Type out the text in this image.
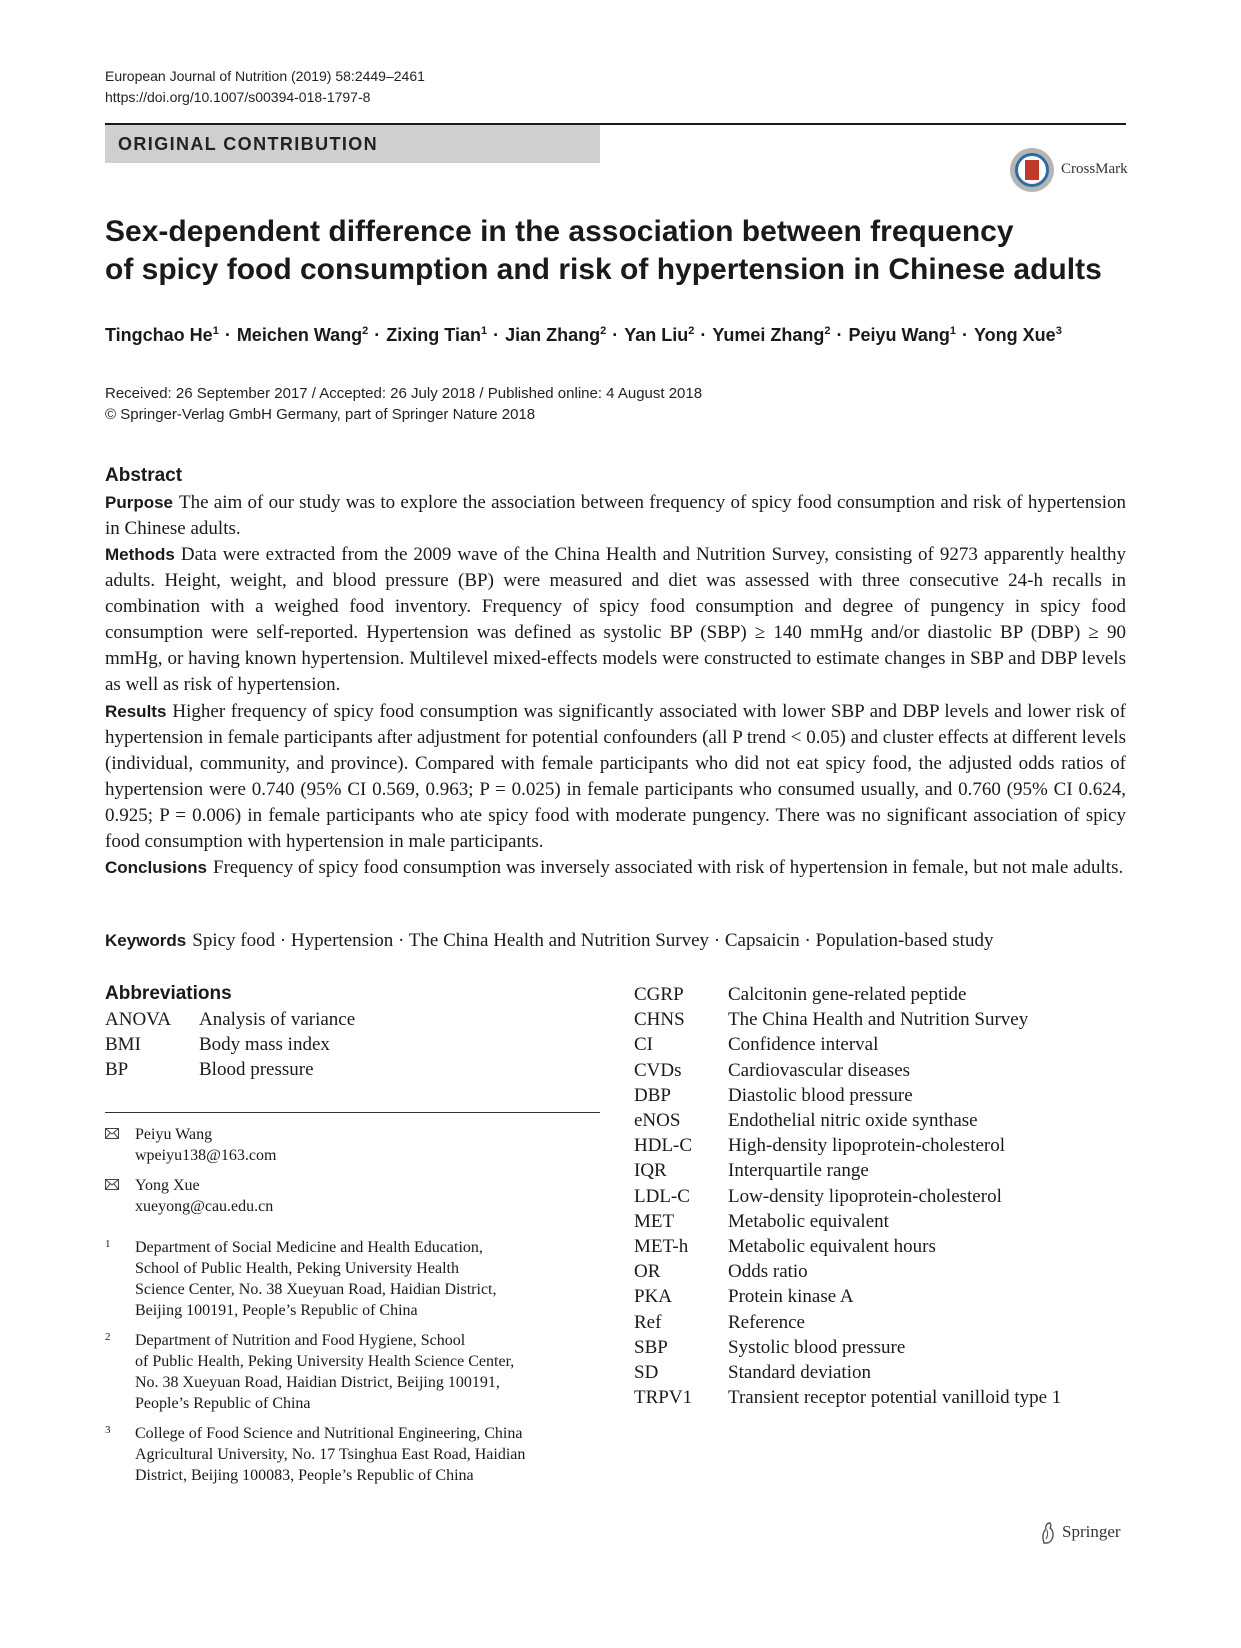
European Journal of Nutrition (2019) 58:2449–2461
https://doi.org/10.1007/s00394-018-1797-8
ORIGINAL CONTRIBUTION
CrossMark
Sex-dependent difference in the association between frequency
of spicy food consumption and risk of hypertension in Chinese adults
Tingchao $He^1$ · Meichen Wang$^2$ · Zixing Tian$^1$ · Jian Zhang$^2$ · Yan Liu$^2$ · Yumei Zhang$^2$ · Peiyu Wang$^1$ · Yong Xue$^3$
Received: 26 September 2017 / Accepted: 26 July 2018 / Published online: 4 August 2018
© Springer-Verlag GmbH Germany, part of Springer Nature 2018
Abstract
Purpose The aim of our study was to explore the association between frequency of spicy food consumption and risk of hypertension in Chinese adults.
Methods Data were extracted from the 2009 wave of the China Health and Nutrition Survey, consisting of 9273 apparently healthy adults. Height, weight, and blood pressure (BP) were measured and diet was assessed with three consecutive 24-h recalls in combination with a weighed food inventory. Frequency of spicy food consumption and degree of pungency in spicy food consumption were self-reported. Hypertension was defined as systolic BP (SBP) ≥ 140 mmHg and/or diastolic BP (DBP) ≥ 90 mmHg, or having known hypertension. Multilevel mixed-effects models were constructed to estimate changes in SBP and DBP levels as well as risk of hypertension.
Results Higher frequency of spicy food consumption was significantly associated with lower SBP and DBP levels and lower risk of hypertension in female participants after adjustment for potential confounders (all P trend < 0.05) and cluster effects at different levels (individual, community, and province). Compared with female participants who did not eat spicy food, the adjusted odds ratios of hypertension were 0.740 (95% CI 0.569, 0.963; P = 0.025) in female participants who consumed usually, and 0.760 (95% CI 0.624, 0.925; P = 0.006) in female participants who ate spicy food with moderate pungency. There was no significant association of spicy food consumption with hypertension in male participants.
Conclusions Frequency of spicy food consumption was inversely associated with risk of hypertension in female, but not male adults.
Keywords Spicy food · Hypertension · The China Health and Nutrition Survey · Capsaicin · Population-based study
Abbreviations
ANOVA Analysis of variance
BMI	Body mass index
BP	Blood pressure
CGRP Calcitonin gene-related peptide
CHNS The China Health and Nutrition Survey
CI	Confidence interval
CVDs Cardiovascular diseases
DBP	Diastolic blood pressure
eNOS	Endothelial nitric oxide synthase
HDL-C High-density lipoprotein-cholesterol
IQR	Interquartile range
LDL-C Low-density lipoprotein-cholesterol
MET	Metabolic equivalent
MET-h Metabolic equivalent hours
OR	Odds ratio
PKA	Protein kinase A
Ref	Reference
SBP	Systolic blood pressure
SD	Standard deviation
TRPV1 Transient receptor potential vanilloid type 1
Peiyu Wang
wpeiyu138@163.com
Yong Xue
xueyong@cau.edu.cn
1 Department of Social Medicine and Health Education,
School of Public Health, Peking University Health
Science Center, No. 38 Xueyuan Road, Haidian District,
Beijing 100191, People’s Republic of China
2 Department of Nutrition and Food Hygiene, School
of Public Health, Peking University Health Science Center,
No. 38 Xueyuan Road, Haidian District, Beijing 100191,
People’s Republic of China
3 College of Food Science and Nutritional Engineering, China
Agricultural University, No. 17 Tsinghua East Road, Haidian
District, Beijing 100083, People’s Republic of China
Springer
